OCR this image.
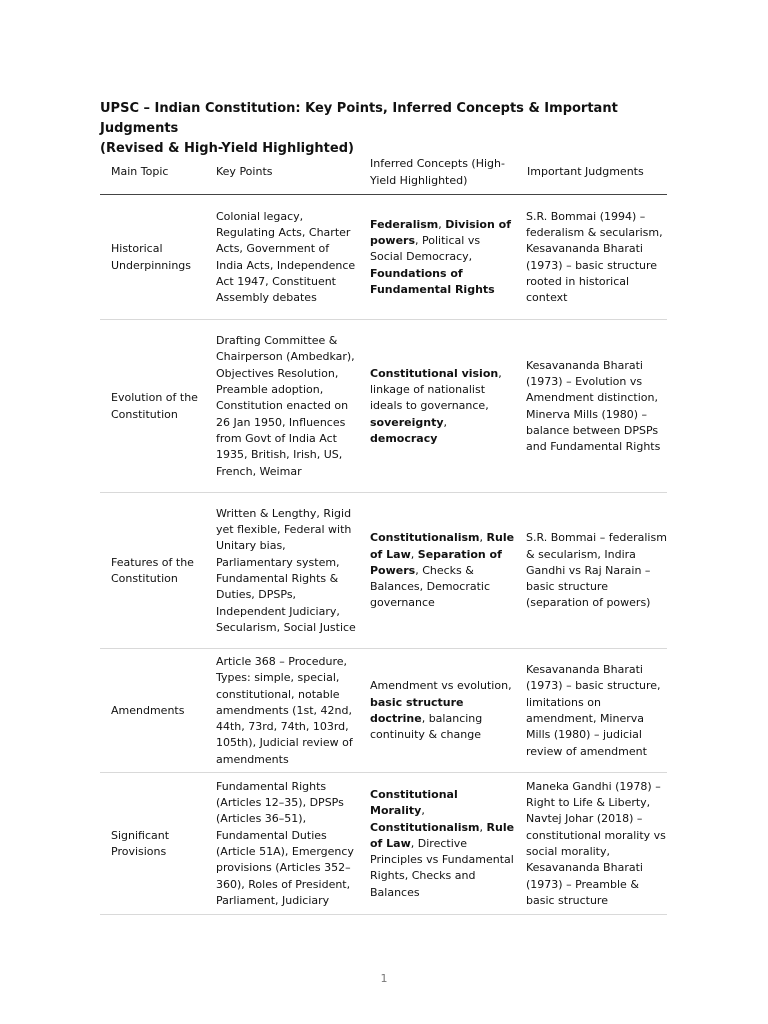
UPSC – Indian Constitution: Key Points, Inferred Concepts & Important Judgments
(Revised & High-Yield Highlighted)
Main Topic	Key Points	Inferred Concepts (High-Yield Highlighted)	Important Judgments
Historical Underpinnings	Colonial legacy, Regulating Acts, Charter Acts, Government of India Acts, Independence Act 1947, Constituent Assembly debates	Federalism, Division of powers, Political vs Social Democracy, Foundations of Fundamental Rights	S.R. Bommai (1994) – federalism & secularism, Kesavananda Bharati (1973) – basic structure rooted in historical context
Evolution of the Constitution	Drafting Committee & Chairperson (Ambedkar), Objectives Resolution, Preamble adoption, Constitution enacted on 26 Jan 1950, Influences from Govt of India Act 1935, British, Irish, US, French, Weimar	Constitutional vision, linkage of nationalist ideals to governance, sovereignty, democracy	Kesavananda Bharati (1973) – Evolution vs Amendment distinction, Minerva Mills (1980) – balance between DPSPs and Fundamental Rights
Features of the Constitution	Written & Lengthy, Rigid yet flexible, Federal with Unitary bias, Parliamentary system, Fundamental Rights & Duties, DPSPs, Independent Judiciary, Secularism, Social Justice	Constitutionalism, Rule of Law, Separation of Powers, Checks & Balances, Democratic governance	S.R. Bommai – federalism & secularism, Indira Gandhi vs Raj Narain – basic structure (separation of powers)
Amendments	Article 368 – Procedure, Types: simple, special, constitutional, notable amendments (1st, 42nd, 44th, 73rd, 74th, 103rd, 105th), Judicial review of amendments	Amendment vs evolution, basic structure doctrine, balancing continuity & change	Kesavananda Bharati (1973) – basic structure, limitations on amendment, Minerva Mills (1980) – judicial review of amendment
Significant Provisions	Fundamental Rights (Articles 12–35), DPSPs (Articles 36–51), Fundamental Duties (Article 51A), Emergency provisions (Articles 352–360), Roles of President, Parliament, Judiciary	Constitutional Morality, Constitutionalism, Rule of Law, Directive Principles vs Fundamental Rights, Checks and Balances	Maneka Gandhi (1978) – Right to Life & Liberty, Navtej Johar (2018) – constitutional morality vs social morality, Kesavananda Bharati (1973) – Preamble & basic structure
1
